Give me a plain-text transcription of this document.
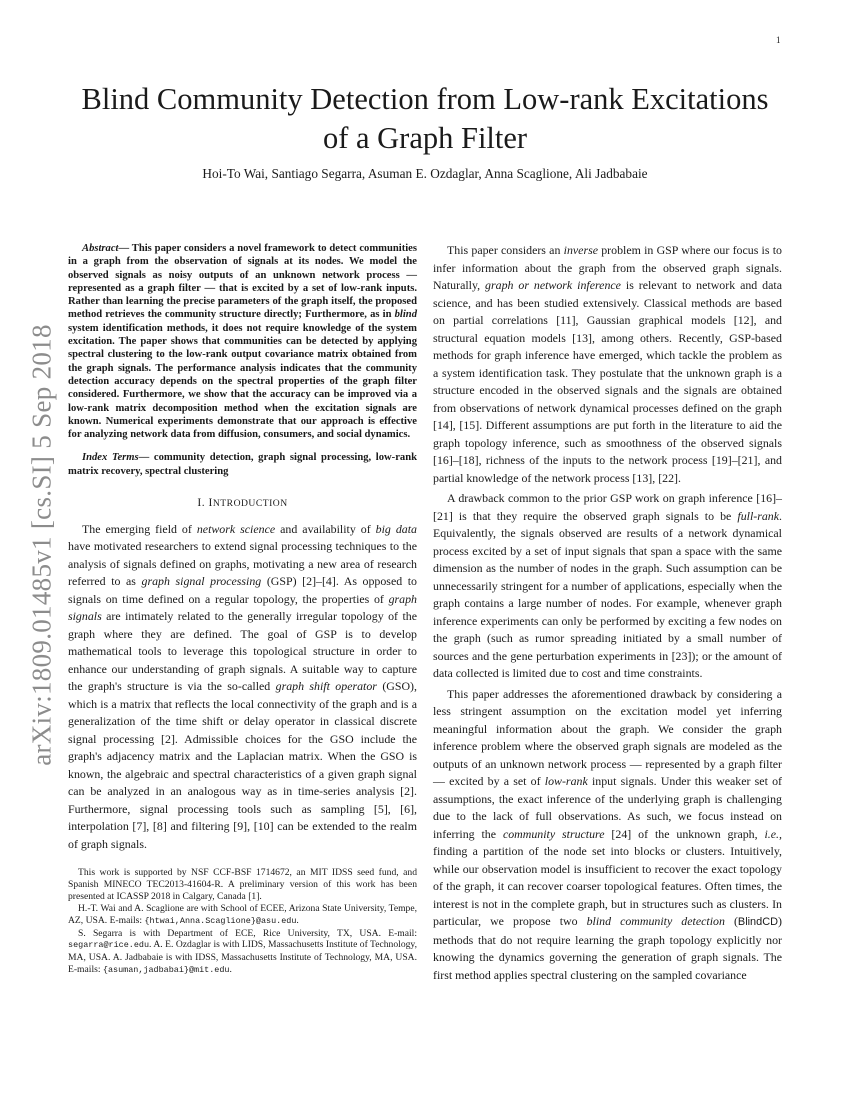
1
arXiv:1809.01485v1 [cs.SI] 5 Sep 2018
Blind Community Detection from Low-rank Excitations of a Graph Filter
Hoi-To Wai, Santiago Segarra, Asuman E. Ozdaglar, Anna Scaglione, Ali Jadbabaie

Abstract— This paper considers a novel framework to detect communities in a graph from the observation of signals at its nodes. We model the observed signals as noisy outputs of an unknown network process — represented as a graph filter — that is excited by a set of low-rank inputs. Rather than learning the precise parameters of the graph itself, the proposed method retrieves the community structure directly; Furthermore, as in blind system identification methods, it does not require knowledge of the system excitation. The paper shows that communities can be detected by applying spectral clustering to the low-rank output covariance matrix obtained from the graph signals. The performance analysis indicates that the community detection accuracy depends on the spectral properties of the graph filter considered. Furthermore, we show that the accuracy can be improved via a low-rank matrix decomposition method when the excitation signals are known. Numerical experiments demonstrate that our approach is effective for analyzing network data from diffusion, consumers, and social dynamics.

Index Terms— community detection, graph signal processing, low-rank matrix recovery, spectral clustering

I. INTRODUCTION

The emerging field of network science and availability of big data have motivated researchers to extend signal processing techniques to the analysis of signals defined on graphs, motivating a new area of research referred to as graph signal processing (GSP) [2]–[4]. As opposed to signals on time defined on a regular topology, the properties of graph signals are intimately related to the generally irregular topology of the graph where they are defined. The goal of GSP is to develop mathematical tools to leverage this topological structure in order to enhance our understanding of graph signals. A suitable way to capture the graph's structure is via the so-called graph shift operator (GSO), which is a matrix that reflects the local connectivity of the graph and is a generalization of the time shift or delay operator in classical discrete signal processing [2]. Admissible choices for the GSO include the graph's adjacency matrix and the Laplacian matrix. When the GSO is known, the algebraic and spectral characteristics of a given graph signal can be analyzed in an analogous way as in time-series analysis [2]. Furthermore, signal processing tools such as sampling [5], [6], interpolation [7], [8] and filtering [9], [10] can be extended to the realm of graph signals.

This work is supported by NSF CCF-BSF 1714672, an MIT IDSS seed fund, and Spanish MINECO TEC2013-41604-R. A preliminary version of this work has been presented at ICASSP 2018 in Calgary, Canada [1].

H.-T. Wai and A. Scaglione are with School of ECEE, Arizona State University, Tempe, AZ, USA. E-mails: {htwai,Anna.Scaglione}@asu.edu.

S. Segarra is with Department of ECE, Rice University, TX, USA. E-mail: segarra@rice.edu. A. E. Ozdaglar is with LIDS, Massachusetts Institute of Technology, MA, USA. A. Jadbabaie is with IDSS, Massachusetts Institute of Technology, MA, USA. E-mails: {asuman,jadbabai}@mit.edu.

This paper considers an inverse problem in GSP where our focus is to infer information about the graph from the observed graph signals. Naturally, graph or network inference is relevant to network and data science, and has been studied extensively. Classical methods are based on partial correlations [11], Gaussian graphical models [12], and structural equation models [13], among others. Recently, GSP-based methods for graph inference have emerged, which tackle the problem as a system identification task. They postulate that the unknown graph is a structure encoded in the observed signals and the signals are obtained from observations of network dynamical processes defined on the graph [14], [15]. Different assumptions are put forth in the literature to aid the graph topology inference, such as smoothness of the observed signals [16]–[18], richness of the inputs to the network process [19]–[21], and partial knowledge of the network process [13], [22].

A drawback common to the prior GSP work on graph inference [16]–[21] is that they require the observed graph signals to be full-rank. Equivalently, the signals observed are results of a network dynamical process excited by a set of input signals that span a space with the same dimension as the number of nodes in the graph. Such assumption can be unnecessarily stringent for a number of applications, especially when the graph contains a large number of nodes. For example, whenever graph inference experiments can only be performed by exciting a few nodes on the graph (such as rumor spreading initiated by a small number of sources and the gene perturbation experiments in [23]); or the amount of data collected is limited due to cost and time constraints.

This paper addresses the aforementioned drawback by considering a less stringent assumption on the excitation model yet inferring meaningful information about the graph. We consider the graph inference problem where the observed graph signals are modeled as the outputs of an unknown network process — represented by a graph filter — excited by a set of low-rank input signals. Under this weaker set of assumptions, the exact inference of the underlying graph is challenging due to the lack of full observations. As such, we focus instead on inferring the community structure [24] of the unknown graph, i.e., finding a partition of the node set into blocks or clusters. Intuitively, while our observation model is insufficient to recover the exact topology of the graph, it can recover coarser topological features. Often times, the interest is not in the complete graph, but in structures such as clusters. In particular, we propose two blind community detection (BlindCD) methods that do not require learning the graph topology explicitly nor knowing the dynamics governing the generation of graph signals. The first method applies spectral clustering on the sampled covariance
